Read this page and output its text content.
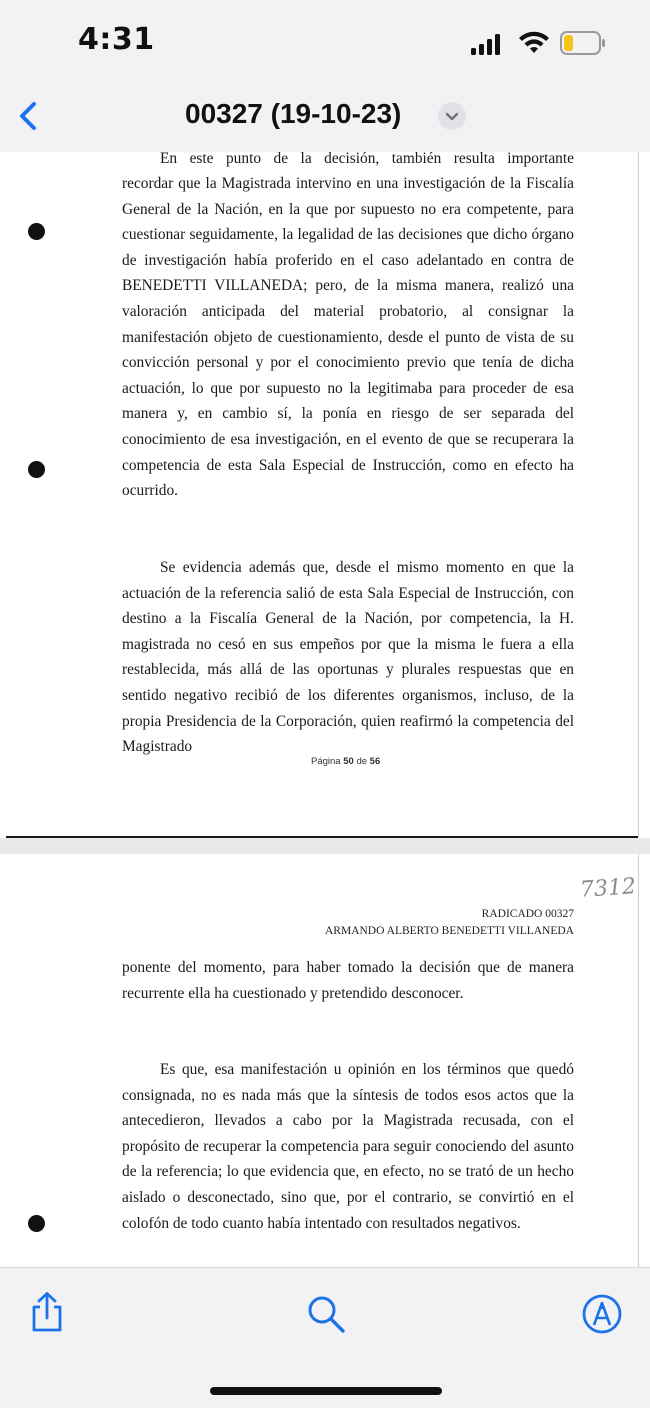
4:31
00327 (19-10-23)

En este punto de la decisión, también resulta importante

recordar que la Magistrada intervino en una investigación de la Fiscalía General de la Nación, en la que por supuesto no era competente, para cuestionar seguidamente, la legalidad de las decisiones que dicho órgano de investigación había proferido en el caso adelantado en contra de BENEDETTI VILLANEDA; pero, de la misma manera, realizó una valoración anticipada del material probatorio, al consignar la manifestación objeto de cuestionamiento, desde el punto de vista de su convicción personal y por el conocimiento previo que tenía de dicha actuación, lo que por supuesto no la legitimaba para proceder de esa manera y, en cambio sí, la ponía en riesgo de ser separada del conocimiento de esa investigación, en el evento de que se recuperara la competencia de esta Sala Especial de Instrucción, como en efecto ha ocurrido.

Se evidencia además que, desde el mismo momento en que la actuación de la referencia salió de esta Sala Especial de Instrucción, con destino a la Fiscalía General de la Nación, por competencia, la H. magistrada no cesó en sus empeños por que la misma le fuera a ella restablecida, más allá de las oportunas y plurales respuestas que en sentido negativo recibió de los diferentes organismos, incluso, de la propia Presidencia de la Corporación, quien reafirmó la competencia del Magistrado

Página 50 de 56
7312
RADICADO 00327
ARMANDO ALBERTO BENEDETTI VILLANEDA

ponente del momento, para haber tomado la decisión que de manera recurrente ella ha cuestionado y pretendido desconocer.

Es que, esa manifestación u opinión en los términos que quedó consignada, no es nada más que la síntesis de todos esos actos que la antecedieron, llevados a cabo por la Magistrada recusada, con el propósito de recuperar la competencia para seguir conociendo del asunto de la referencia; lo que evidencia que, en efecto, no se trató de un hecho aislado o desconectado, sino que, por el contrario, se convirtió en el colofón de todo cuanto había intentado con resultados negativos.
